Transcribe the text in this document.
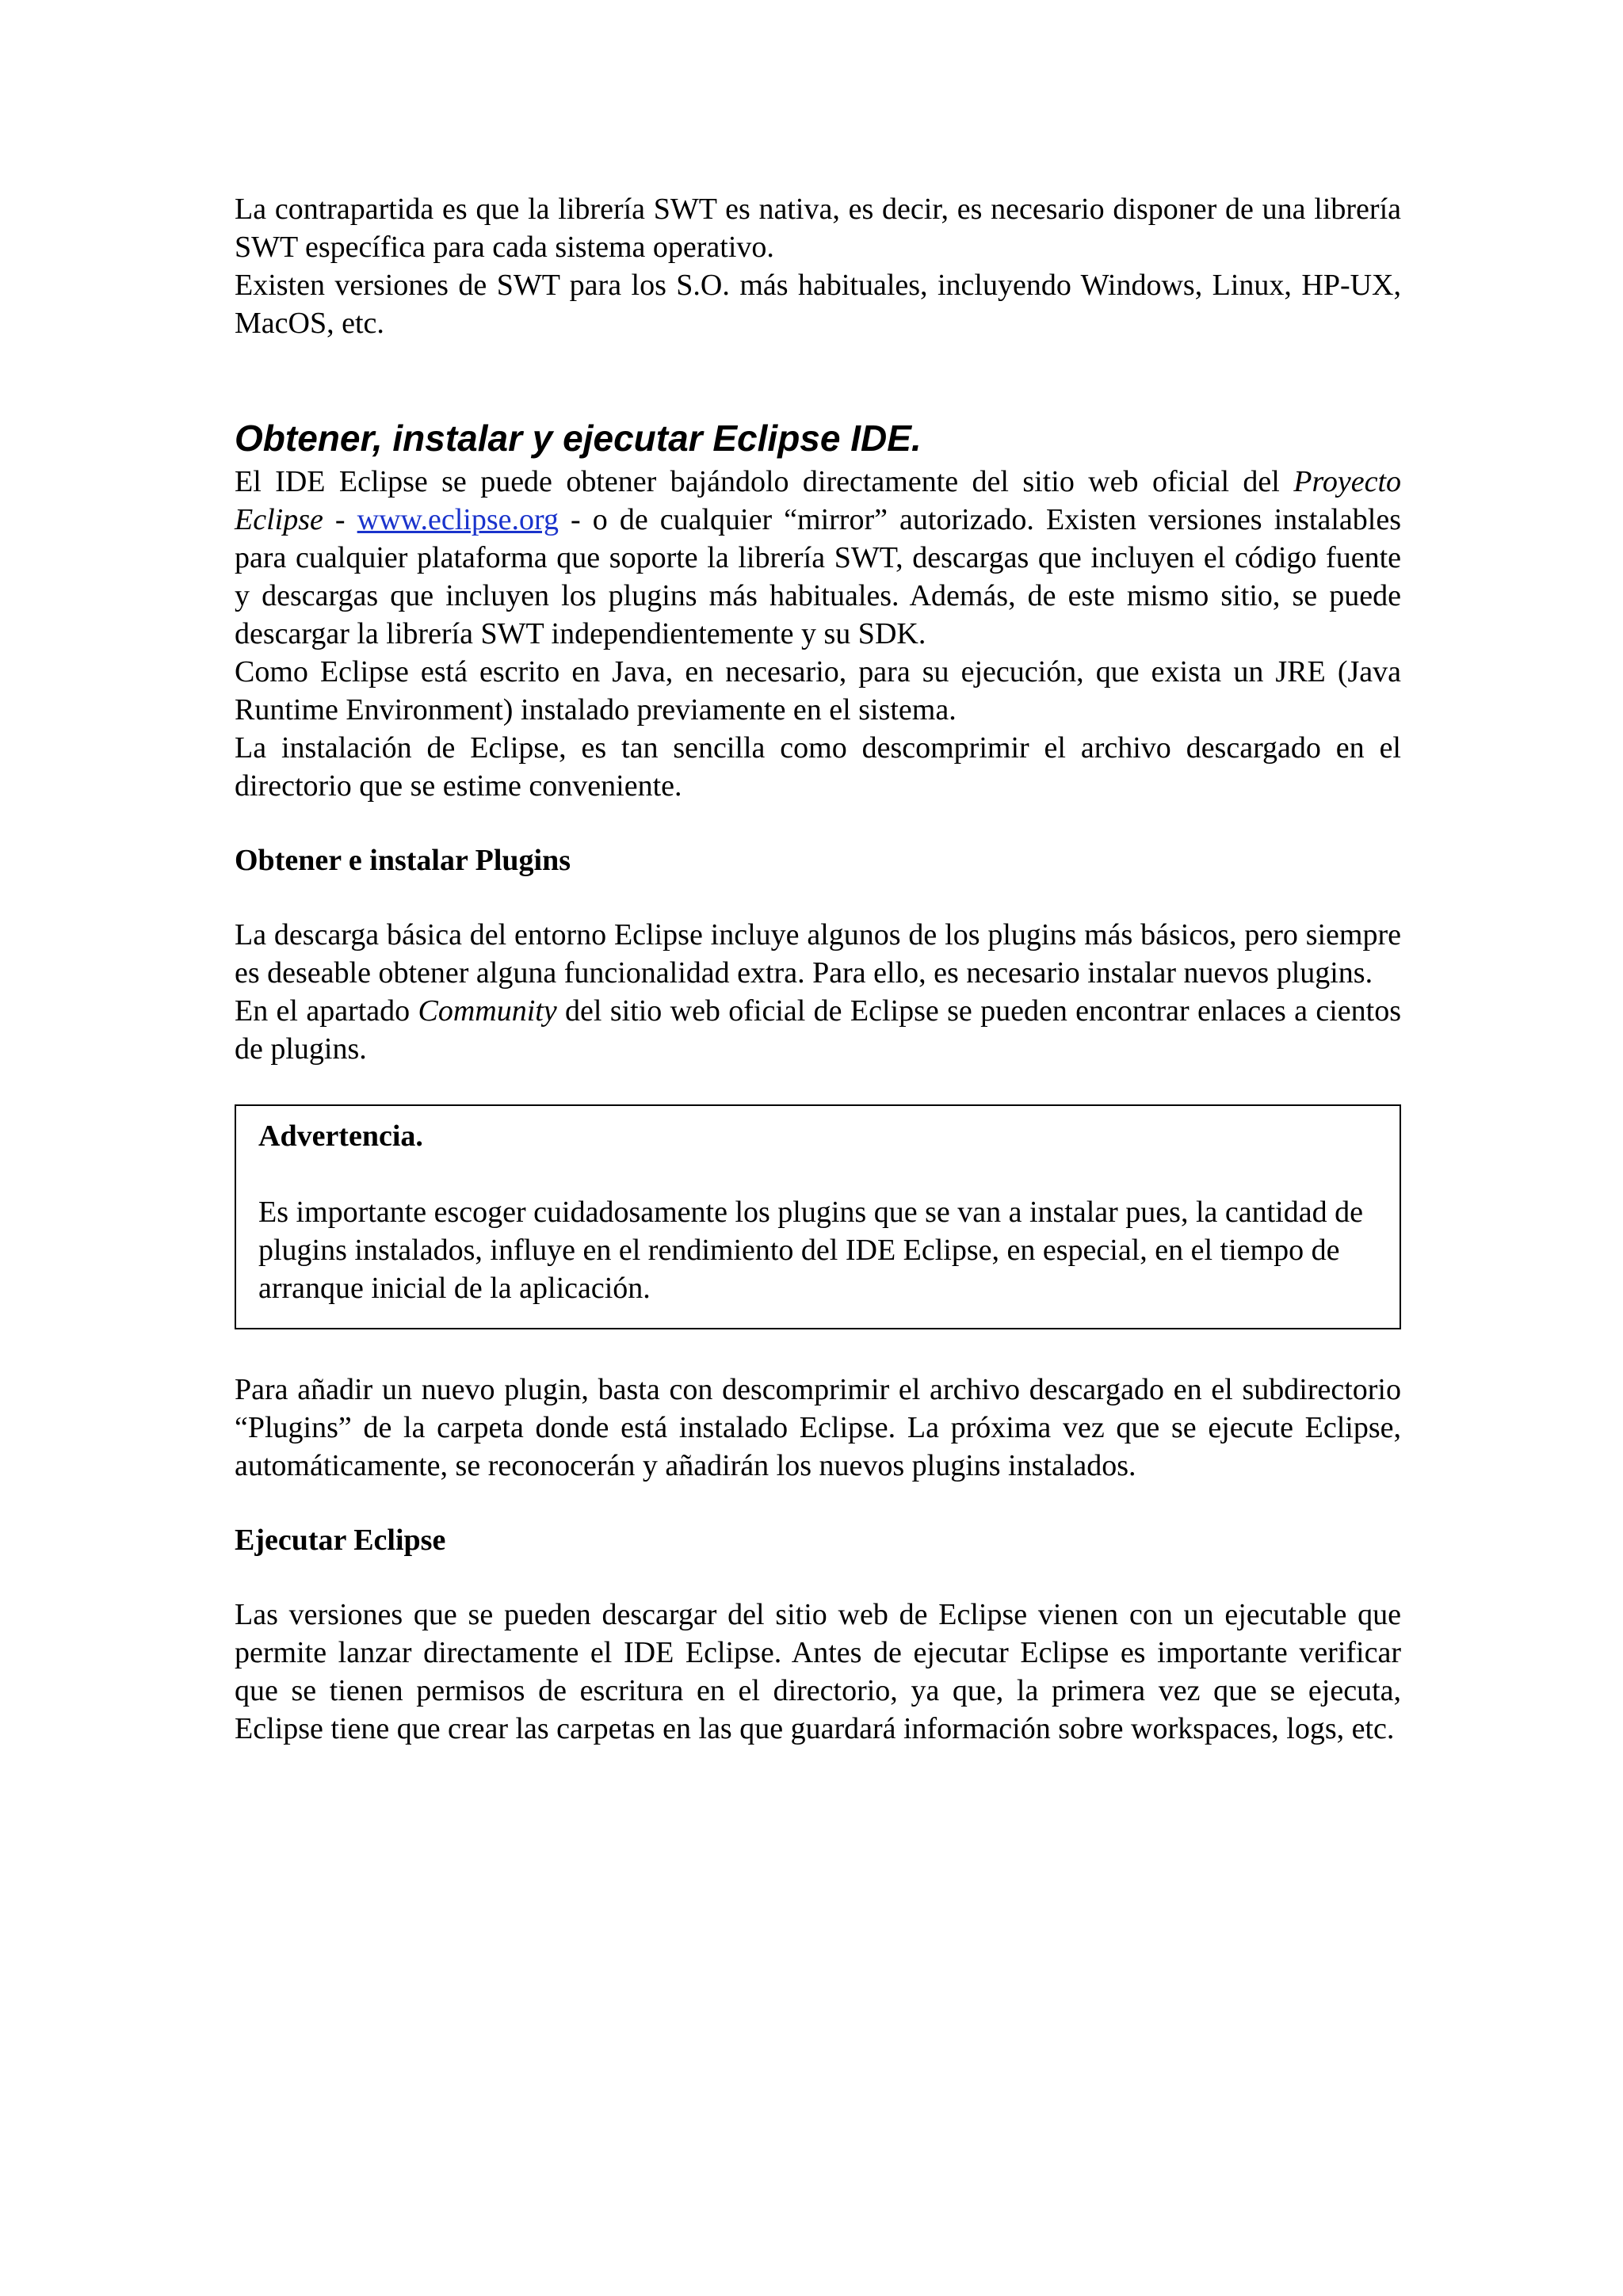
La contrapartida es que la librería SWT es nativa, es decir, es necesario disponer de una librería SWT específica para cada sistema operativo.

Existen versiones de SWT para los S.O. más habituales, incluyendo Windows, Linux, HP-UX, MacOS, etc.

Obtener, instalar y ejecutar Eclipse IDE.

El IDE Eclipse se puede obtener bajándolo directamente del sitio web oficial del Proyecto Eclipse - www.eclipse.org - o de cualquier “mirror” autorizado. Existen versiones instalables para cualquier plataforma que soporte la librería SWT, descargas que incluyen el código fuente y descargas que incluyen los plugins más habituales. Además, de este mismo sitio, se puede descargar la librería SWT independientemente y su SDK.

Como Eclipse está escrito en Java, en necesario, para su ejecución, que exista un JRE (Java Runtime Environment) instalado previamente en el sistema.

La instalación de Eclipse, es tan sencilla como descomprimir el archivo descargado en el directorio que se estime conveniente.

Obtener e instalar Plugins

La descarga básica del entorno Eclipse incluye algunos de los plugins más básicos, pero siempre es deseable obtener alguna funcionalidad extra. Para ello, es necesario instalar nuevos plugins.

En el apartado Community del sitio web oficial de Eclipse se pueden encontrar enlaces a cientos de plugins.

Advertencia.

Es importante escoger cuidadosamente los plugins que se van a instalar pues, la cantidad de plugins instalados, influye en el rendimiento del IDE Eclipse, en especial, en el tiempo de arranque inicial de la aplicación.

Para añadir un nuevo plugin, basta con descomprimir el archivo descargado en el subdirectorio “Plugins” de la carpeta donde está instalado Eclipse. La próxima vez que se ejecute Eclipse, automáticamente, se reconocerán y añadirán los nuevos plugins instalados.

Ejecutar Eclipse

Las versiones que se pueden descargar del sitio web de Eclipse vienen con un ejecutable que permite lanzar directamente el IDE Eclipse. Antes de ejecutar Eclipse es importante verificar que se tienen permisos de escritura en el directorio, ya que, la primera vez que se ejecuta, Eclipse tiene que crear las carpetas en las que guardará información sobre workspaces, logs, etc.
